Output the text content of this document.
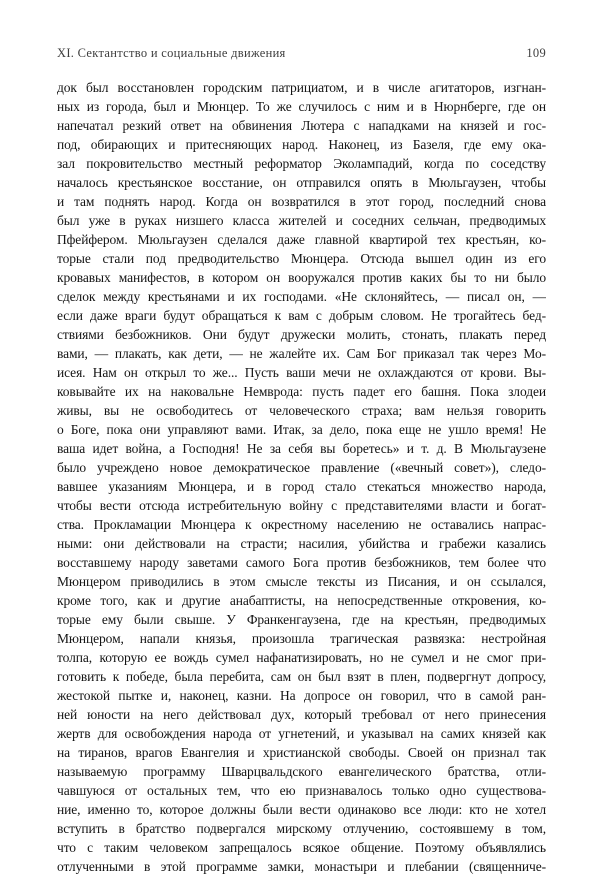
XI. Сектантство и социальные движения	109
док был восстановлен городским патрициатом, и в числе агитаторов, изгнан-
ных из города, был и Мюнцер. То же случилось с ним и в Нюрнберге, где он
напечатал резкий ответ на обвинения Лютера с нападками на князей и гос-
под, обирающих и притесняющих народ. Наконец, из Базеля, где ему ока-
зал покровительство местный реформатор Эколампадий, когда по соседству
началось крестьянское восстание, он отправился опять в Мюльгаузен, чтобы
и там поднять народ. Когда он возвратился в этот город, последний снова
был уже в руках низшего класса жителей и соседних сельчан, предводимых
Пфейфером. Мюльгаузен сделался даже главной квартирой тех крестьян, ко-
торые стали под предводительство Мюнцера. Отсюда вышел один из его
кровавых манифестов, в котором он вооружался против каких бы то ни было
сделок между крестьянами и их господами. «Не склоняйтесь, — писал он, —
если даже враги будут обращаться к вам с добрым словом. Не трогайтесь бед-
ствиями безбожников. Они будут дружески молить, стонать, плакать перед
вами, — плакать, как дети, — не жалейте их. Сам Бог приказал так через Мо-
исея. Нам он открыл то же... Пусть ваши мечи не охлаждаются от крови. Вы-
ковывайте их на наковальне Немврода: пусть падет его башня. Пока злодеи
живы, вы не освободитесь от человеческого страха; вам нельзя говорить
о Боге, пока они управляют вами. Итак, за дело, пока еще не ушло время! Не
ваша идет война, а Господня! Не за себя вы боретесь» и т. д. В Мюльгаузене
было учреждено новое демократическое правление («вечный совет»), следо-
вавшее указаниям Мюнцера, и в город стало стекаться множество народа,
чтобы вести отсюда истребительную войну с представителями власти и богат-
ства. Прокламации Мюнцера к окрестному населению не оставались напрас-
ными: они действовали на страсти; насилия, убийства и грабежи казались
восставшему народу заветами самого Бога против безбожников, тем более что
Мюнцером приводились в этом смысле тексты из Писания, и он ссылался,
кроме того, как и другие анабаптисты, на непосредственные откровения, ко-
торые ему были свыше. У Франкенгаузена, где на крестьян, предводимых
Мюнцером, напали князья, произошла трагическая развязка: нестройная
толпа, которую ее вождь сумел нафанатизировать, но не сумел и не смог при-
готовить к победе, была перебита, сам он был взят в плен, подвергнут допросу,
жестокой пытке и, наконец, казни. На допросе он говорил, что в самой ран-
ней юности на него действовал дух, который требовал от него принесения
жертв для освобождения народа от угнетений, и указывал на самих князей как
на тиранов, врагов Евангелия и христианской свободы. Своей он признал так
называемую программу Шварцвальдского евангелического братства, отли-
чавшуюся от остальных тем, что ею признавалось только одно существова-
ние, именно то, которое должны были вести одинаково все люди: кто не хотел
вступить в братство подвергался мирскому отлучению, состоявшему в том,
что с таким человеком запрещалось всякое общение. Поэтому объявлялись
отлученными в этой программе замки, монастыри и плебании (священниче-
